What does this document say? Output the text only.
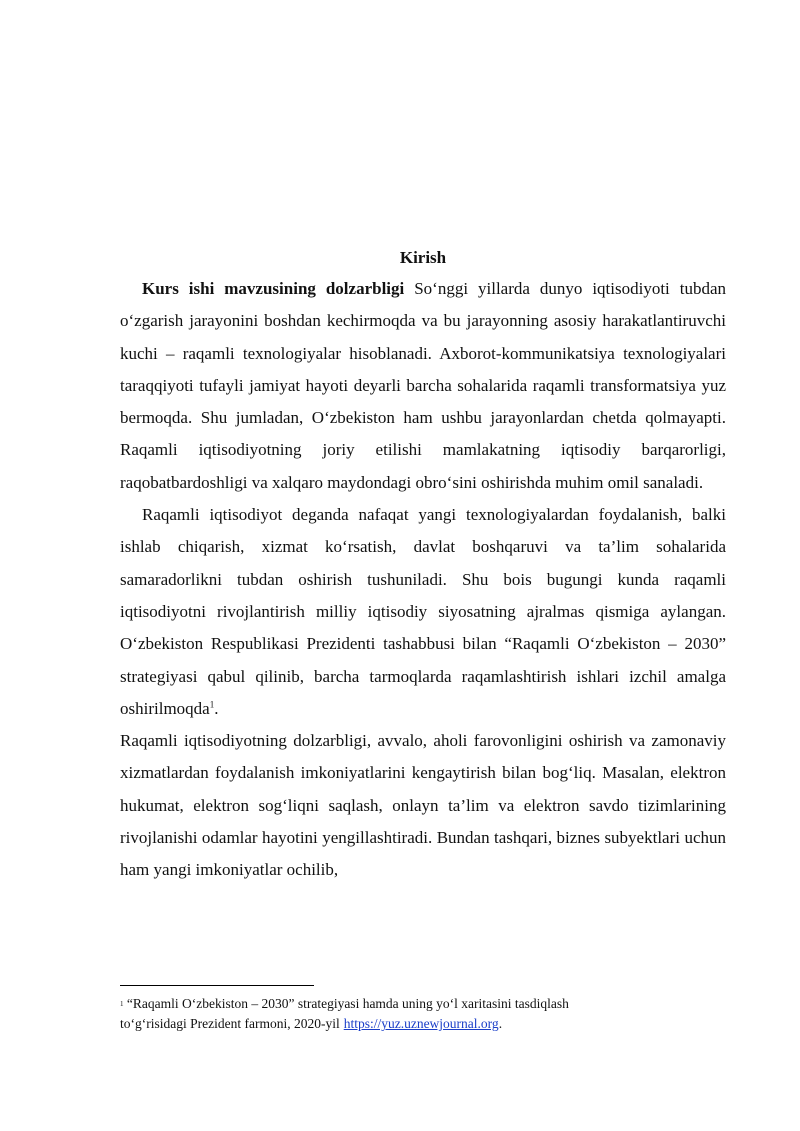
Kirish

Kurs ishi mavzusining dolzarbligi So‘nggi yillarda dunyo iqtisodiyoti tubdan o‘zgarish jarayonini boshdan kechirmoqda va bu jarayonning asosiy harakatlantiruvchi kuchi – raqamli texnologiyalar hisoblanadi. Axborot-kommunikatsiya texnologiyalari taraqqiyoti tufayli jamiyat hayoti deyarli barcha sohalarida raqamli transformatsiya yuz bermoqda. Shu jumladan, O‘zbekiston ham ushbu jarayonlardan chetda qolmayapti. Raqamli iqtisodiyotning joriy etilishi mamlakatning iqtisodiy barqarorligi, raqobatbardoshligi va xalqaro maydondagi obro‘sini oshirishda muhim omil sanaladi.

Raqamli iqtisodiyot deganda nafaqat yangi texnologiyalardan foydalanish, balki ishlab chiqarish, xizmat ko‘rsatish, davlat boshqaruvi va ta’lim sohalarida samaradorlikni tubdan oshirish tushuniladi. Shu bois bugungi kunda raqamli iqtisodiyotni rivojlantirish milliy iqtisodiy siyosatning ajralmas qismiga aylangan. O‘zbekiston Respublikasi Prezidenti tashabbusi bilan “Raqamli O‘zbekiston – 2030” strategiyasi qabul qilinib, barcha tarmoqlarda raqamlashtirish ishlari izchil amalga oshirilmoqda$^1$.

Raqamli iqtisodiyotning dolzarbligi, avvalo, aholi farovonligini oshirish va zamonaviy xizmatlardan foydalanish imkoniyatlarini kengaytirish bilan bog‘liq. Masalan, elektron hukumat, elektron sog‘liqni saqlash, onlayn ta’lim va elektron savdo tizimlarining rivojlanishi odamlar hayotini yengillashtiradi. Bundan tashqari, biznes subyektlari uchun ham yangi imkoniyatlar ochilib,

1 “Raqamli O‘zbekiston – 2030” strategiyasi hamda uning yo‘l xaritasini tasdiqlash
to‘g‘risidagi Prezident farmoni, 2020-yil https://yuz.uznewjournal.org.
